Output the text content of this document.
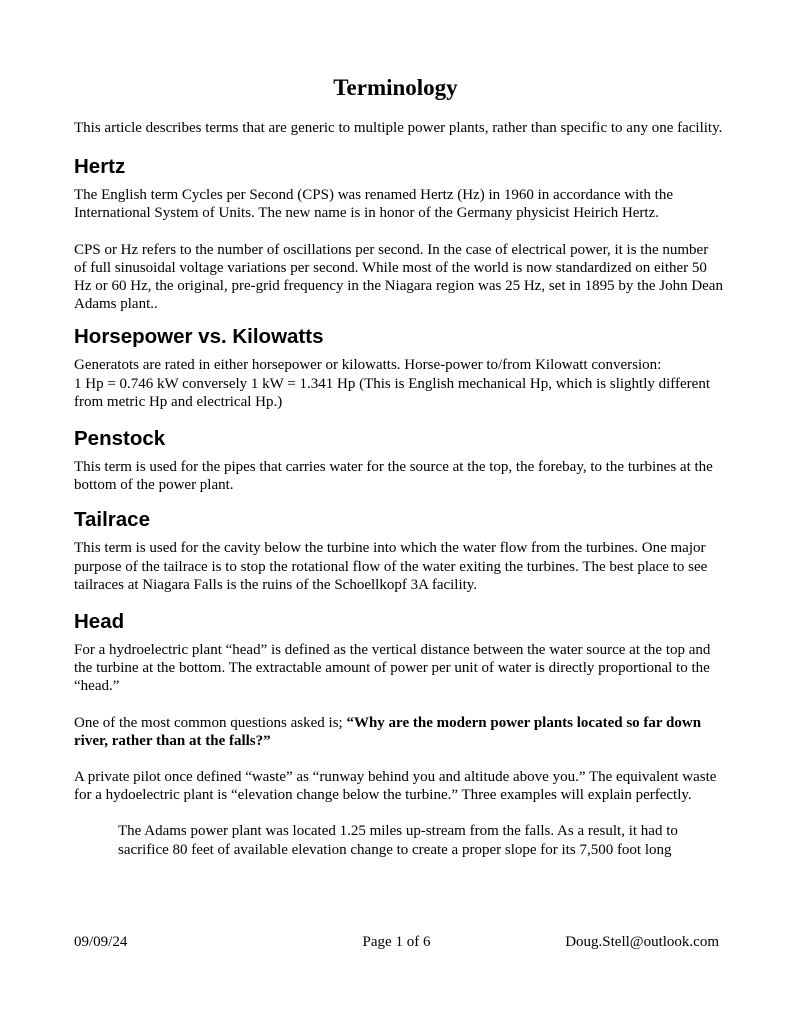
Terminology

This article describes terms that are generic to multiple power plants, rather than specific to any one facility.

Hertz

The English term Cycles per Second (CPS) was renamed Hertz (Hz) in 1960 in accordance with the International System of Units. The new name is in honor of the Germany physicist Heirich Hertz.

CPS or Hz refers to the number of oscillations per second. In the case of electrical power, it is the number of full sinusoidal voltage variations per second. While most of the world is now standardized on either 50 Hz or 60 Hz, the original, pre-grid frequency in the Niagara region was 25 Hz, set in 1895 by the John Dean Adams plant..

Horsepower vs. Kilowatts

Generatots are rated in either horsepower or kilowatts. Horse-power to/from Kilowatt conversion:

1 Hp = 0.746 kW conversely 1 kW = 1.341 Hp (This is English mechanical Hp, which is slightly different from metric Hp and electrical Hp.)

Penstock

This term is used for the pipes that carries water for the source at the top, the forebay, to the turbines at the bottom of the power plant.

Tailrace

This term is used for the cavity below the turbine into which the water flow from the turbines. One major purpose of the tailrace is to stop the rotational flow of the water exiting the turbines. The best place to see tailraces at Niagara Falls is the ruins of the Schoellkopf 3A facility.

Head

For a hydroelectric plant “head” is defined as the vertical distance between the water source at the top and the turbine at the bottom. The extractable amount of power per unit of water is directly proportional to the “head.”

One of the most common questions asked is; “Why are the modern power plants located so far down river, rather than at the falls?”

A private pilot once defined “waste” as “runway behind you and altitude above you.” The equivalent waste for a hydoelectric plant is “elevation change below the turbine.” Three examples will explain perfectly.

The Adams power plant was located 1.25 miles up-stream from the falls. As a result, it had to sacrifice 80 feet of available elevation change to create a proper slope for its 7,500 foot long

09/09/24	Page 1 of 6	Doug.Stell@outlook.com
